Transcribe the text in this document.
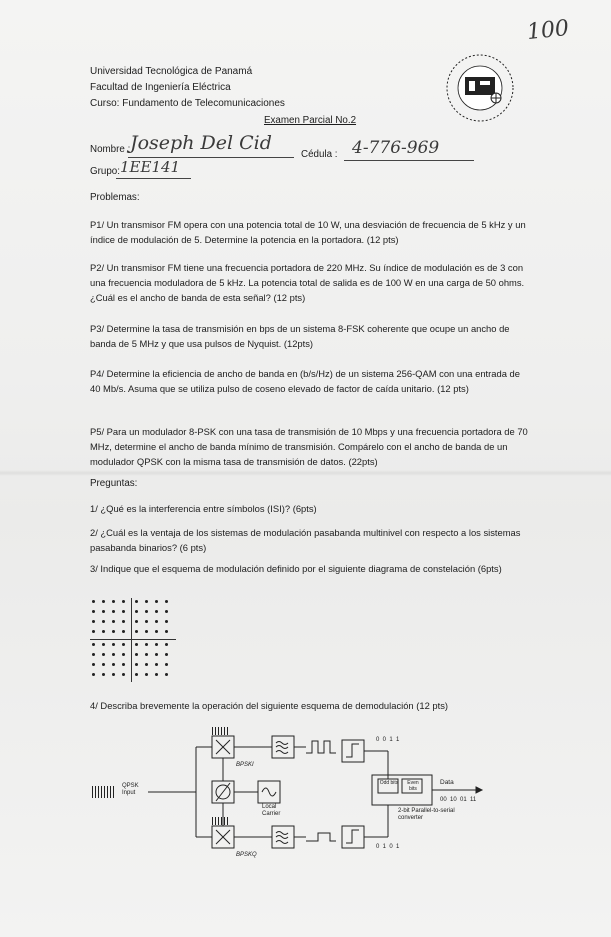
100
Universidad Tecnológica de Panamá
Facultad de Ingeniería Eléctrica
Curso: Fundamento de Telecomunicaciones
Examen Parcial No.2
Nombre : Joseph Del Cid
Cédula : 4-776-969
Grupo: 1EE141
Problemas:
P1/ Un transmisor FM opera con una potencia total de 10 W, una desviación de frecuencia de 5 kHz y un índice de modulación de 5. Determine la potencia en la portadora. (12 pts)
P2/ Un transmisor FM tiene una frecuencia portadora de 220 MHz. Su índice de modulación es de 3 con una frecuencia moduladora de 5 kHz. La potencia total de salida es de 100 W en una carga de 50 ohms. ¿Cuál es el ancho de banda de esta señal? (12 pts)
P3/ Determine la tasa de transmisión en bps de un sistema 8-FSK coherente que ocupe un ancho de banda de 5 MHz y que usa pulsos de Nyquist. (12pts)
P4/ Determine la eficiencia de ancho de banda en (b/s/Hz) de un sistema 256-QAM con una entrada de 40 Mb/s. Asuma que se utiliza pulso de coseno elevado de factor de caída unitario. (12 pts)
P5/ Para un modulador 8-PSK con una tasa de transmisión de 10 Mbps y una frecuencia portadora de 70 MHz, determine el ancho de banda mínimo de transmisión. Compárelo con el ancho de banda de un modulador QPSK con la misma tasa de transmisión de datos. (22pts)
Preguntas:
1/ ¿Qué es la interferencia entre símbolos (ISI)? (6pts)
2/ ¿Cuál es la ventaja de los sistemas de modulación pasabanda multinivel con respecto a los sistemas pasabanda binarios? (6 pts)
3/ Indique que el esquema de modulación definido por el siguiente diagrama de constelación (6pts)
4/ Describa brevemente la operación del siguiente esquema de demodulación (12 pts)
QPSK Input
BPSKI
BPSKQ
Local Carrier
Odd bits	Even bits
2-bit Parallel-to-serial converter
Data
0  0  1  1
0  1  0  1
00  10  01  11
